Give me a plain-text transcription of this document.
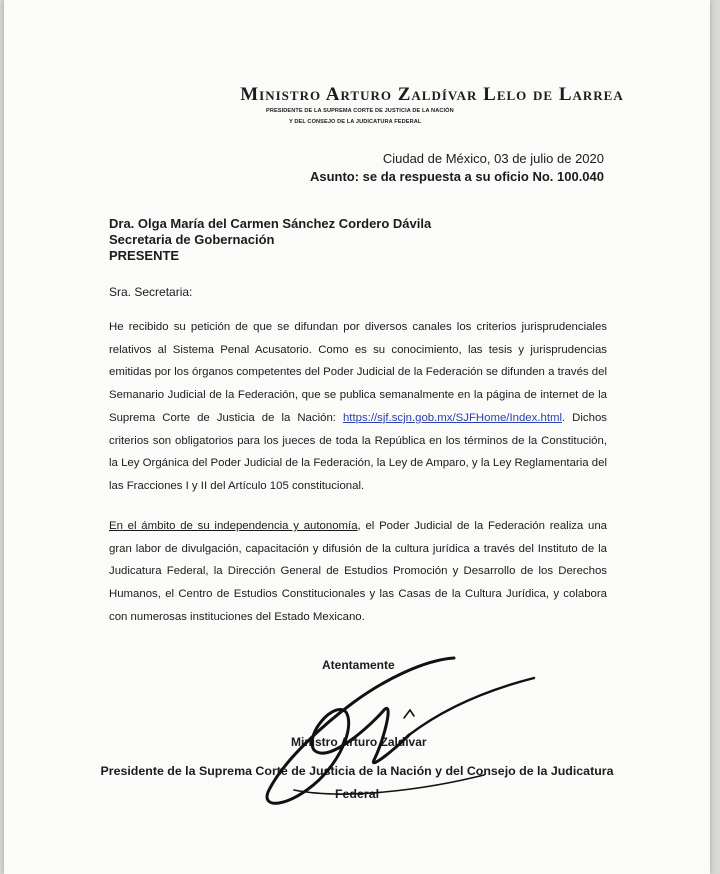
Ministro Arturo Zaldívar Lelo de Larrea
PRESIDENTE DE LA SUPREMA CORTE DE JUSTICIA DE LA NACIÓN
Y DEL CONSEJO DE LA JUDICATURA FEDERAL
Ciudad de México, 03 de julio de 2020
Asunto: se da respuesta a su oficio No. 100.040
Dra. Olga María del Carmen Sánchez Cordero Dávila
Secretaria de Gobernación
PRESENTE
Sra. Secretaria:
He recibido su petición de que se difundan por diversos canales los criterios jurisprudenciales relativos al Sistema Penal Acusatorio. Como es su conocimiento, las tesis y jurisprudencias emitidas por los órganos competentes del Poder Judicial de la Federación se difunden a través del Semanario Judicial de la Federación, que se publica semanalmente en la página de internet de la Suprema Corte de Justicia de la Nación: https://sjf.scjn.gob.mx/SJFHome/Index.html. Dichos criterios son obligatorios para los jueces de toda la República en los términos de la Constitución, la Ley Orgánica del Poder Judicial de la Federación, la Ley de Amparo, y la Ley Reglamentaria del las Fracciones I y II del Artículo 105 constitucional.
En el ámbito de su independencia y autonomía, el Poder Judicial de la Federación realiza una gran labor de divulgación, capacitación y difusión de la cultura jurídica a través del Instituto de la Judicatura Federal, la Dirección General de Estudios Promoción y Desarrollo de los Derechos Humanos, el Centro de Estudios Constitucionales y las Casas de la Cultura Jurídica, y colabora con numerosas instituciones del Estado Mexicano.
Atentamente
Ministro Arturo Zaldívar
Presidente de la Suprema Corte de Justicia de la Nación y del Consejo de la Judicatura
Federal
